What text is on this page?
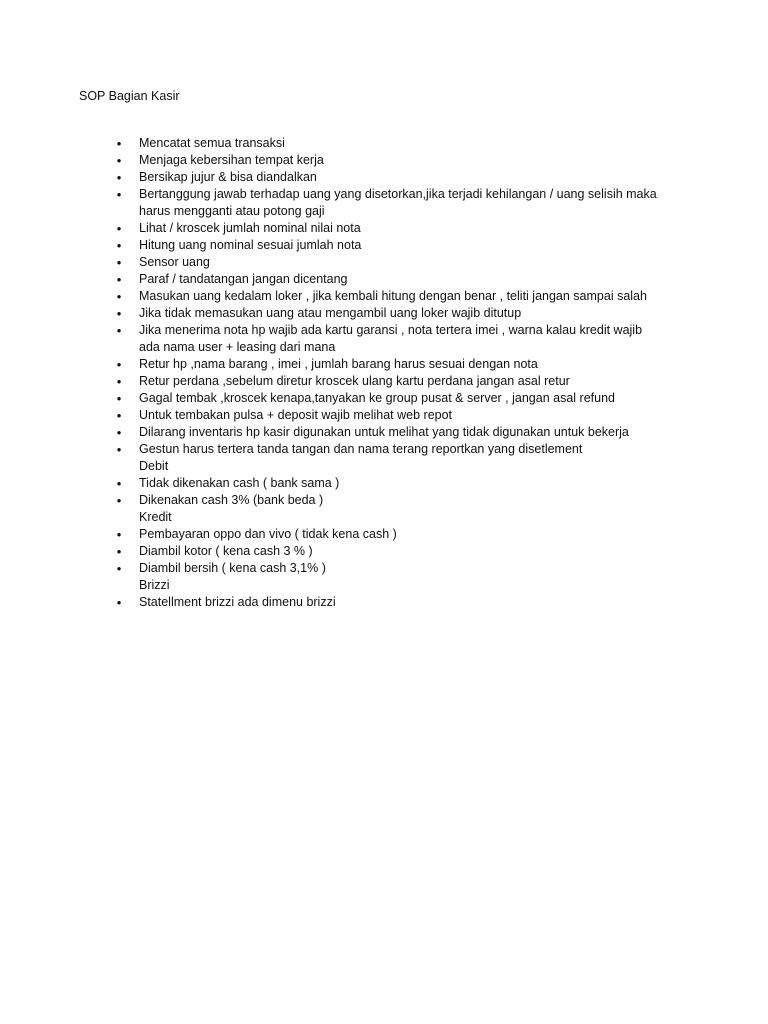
SOP Bagian Kasir
• Mencatat semua transaksi
• Menjaga kebersihan tempat kerja
• Bersikap jujur & bisa diandalkan
• Bertanggung jawab terhadap uang yang disetorkan,jika terjadi kehilangan / uang selisih maka
harus mengganti atau potong gaji
• Lihat / kroscek jumlah nominal nilai nota
• Hitung uang nominal sesuai jumlah nota
• Sensor uang
• Paraf / tandatangan jangan dicentang
• Masukan uang kedalam loker , jika kembali hitung dengan benar , teliti jangan sampai salah
• Jika tidak memasukan uang atau mengambil uang loker wajib ditutup
• Jika menerima nota hp wajib ada kartu garansi , nota tertera imei , warna kalau kredit wajib
ada nama user + leasing dari mana
• Retur hp ,nama barang , imei , jumlah barang harus sesuai dengan nota
• Retur perdana ,sebelum diretur kroscek ulang kartu perdana jangan asal retur
• Gagal tembak ,kroscek kenapa,tanyakan ke group pusat & server , jangan asal refund
• Untuk tembakan pulsa + deposit wajib melihat web repot
• Dilarang inventaris hp kasir digunakan untuk melihat yang tidak digunakan untuk bekerja
• Gestun harus tertera tanda tangan dan nama terang reportkan yang disetlement
Debit
• Tidak dikenakan cash ( bank sama )
• Dikenakan cash 3% (bank beda )
Kredit
• Pembayaran oppo dan vivo ( tidak kena cash )
• Diambil kotor ( kena cash 3 % )
• Diambil bersih ( kena cash 3,1% )
Brizzi
• Statellment brizzi ada dimenu brizzi
